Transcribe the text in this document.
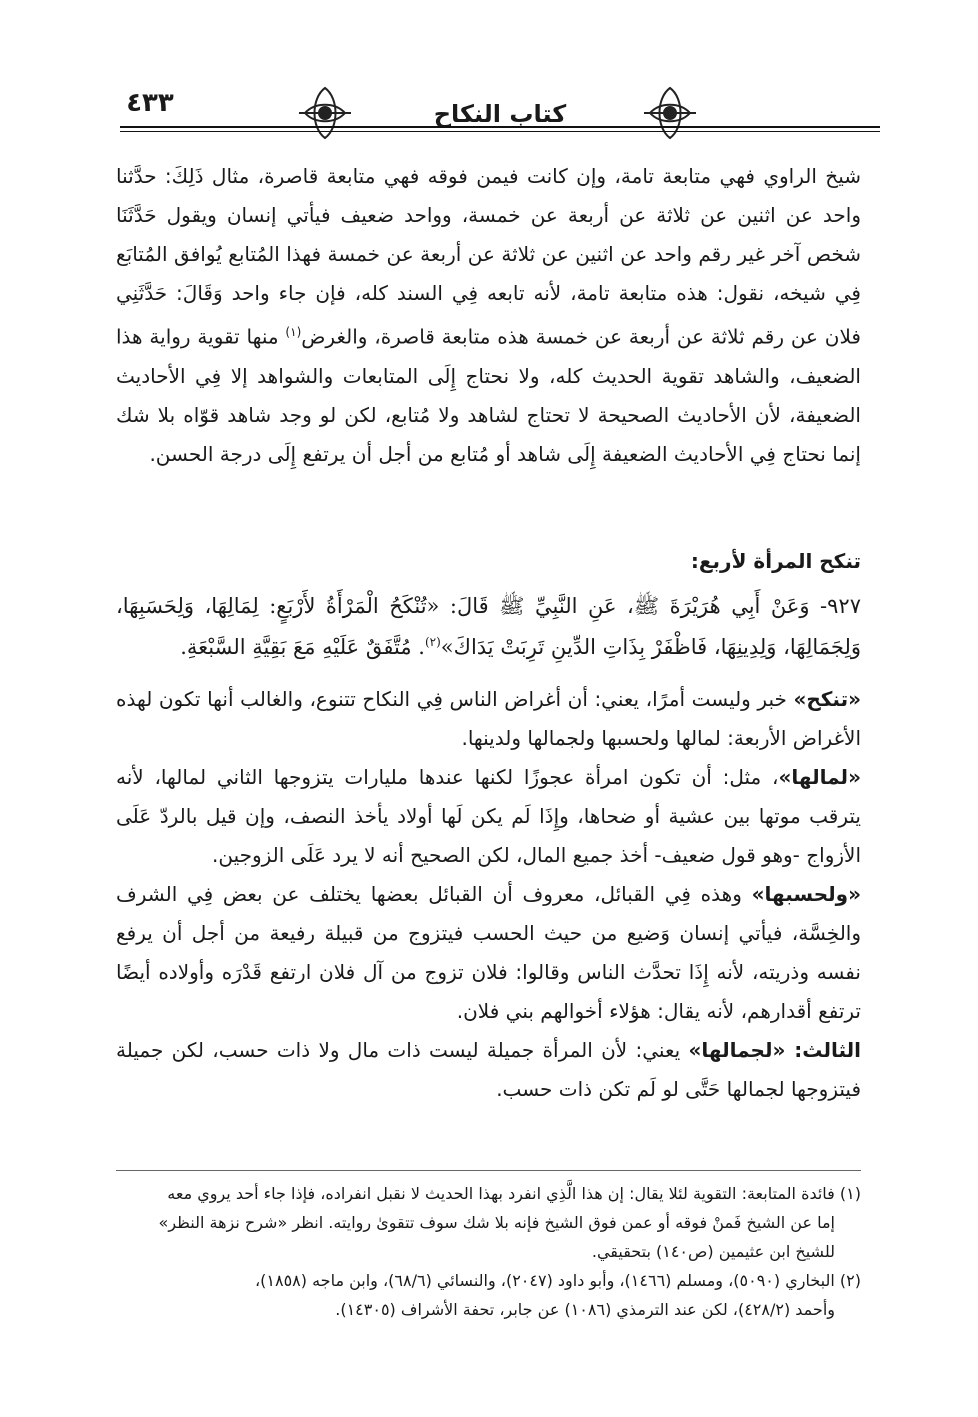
٤٣٣	كتاب النكاح

شيخ الراوي فهي متابعة تامة، وإن كانت فيمن فوقه فهي متابعة قاصرة، مثال ذَلِكَ: حدَّثنا واحد عن اثنين عن ثلاثة عن أربعة عن خمسة، وواحد ضعيف فيأتي إنسان ويقول حَدَّثَنَا شخص آخر غير رقم واحد عن اثنين عن ثلاثة عن أربعة عن خمسة فهذا المُتابع يُوافق المُتابَع فِي شيخه، نقول: هذه متابعة تامة، لأنه تابعه فِي السند كله، فإن جاء واحد وَقَالَ: حَدَّثَنِي فلان عن رقم ثلاثة عن أربعة عن خمسة هذه متابعة قاصرة، والغرض$^{(١)}$ منها تقوية رواية هذا الضعيف، والشاهد تقوية الحديث كله، ولا نحتاج إِلَى المتابعات والشواهد إلا فِي الأحاديث الضعيفة، لأن الأحاديث الصحيحة لا تحتاج لشاهد ولا مُتابع، لكن لو وجد شاهد قوّاه بلا شك إنما نحتاج فِي الأحاديث الضعيفة إِلَى شاهد أو مُتابع من أجل أن يرتفع إِلَى درجة الحسن.

تنكح المرأة لأربع:
٩٢٧- وَعَنْ أَبِي هُرَيْرَةَ ﷺ، عَنِ النَّبِيِّ ﷺ قَالَ: «تُنْكَحُ الْمَرْأَةُ لأَرْبَعٍ: لِمَالِهَا، وَلِحَسَبِهَا، وَلِجَمَالِهَا، وَلِدِينِهَا، فَاظْفَرْ بِذَاتِ الدِّينِ تَرِبَتْ يَدَاكَ»$^{(٢)}$. مُتَّفَقٌ عَلَيْهِ مَعَ بَقِيَّةِ السَّبْعَةِ.

«تنكح» خبر وليست أمرًا، يعني: أن أغراض الناس فِي النكاح تتنوع، والغالب أنها تكون لهذه الأغراض الأربعة: لمالها ولحسبها ولجمالها ولدينها.

«لمالها»، مثل: أن تكون امرأة عجوزًا لكنها عندها مليارات يتزوجها الثاني لمالها، لأنه يترقب موتها بين عشية أو ضحاها، وإِذَا لَم يكن لَها أولاد يأخذ النصف، وإن قيل بالردّ عَلَى الأزواج -وهو قول ضعيف- أخذ جميع المال، لكن الصحيح أنه لا يرد عَلَى الزوجين.

«ولحسبها» وهذه فِي القبائل، معروف أن القبائل بعضها يختلف عن بعض فِي الشرف والخِسَّة، فيأتي إنسان وَضيع من حيث الحسب فيتزوج من قبيلة رفيعة من أجل أن يرفع نفسه وذريته، لأنه إِذَا تحدَّث الناس وقالوا: فلان تزوج من آل فلان ارتفع قَدْرَه وأولاده أيضًا ترتفع أقدارهم، لأنه يقال: هؤلاء أخوالهم بني فلان.

الثالث: «لجمالها» يعني: لأن المرأة جميلة ليست ذات مال ولا ذات حسب، لكن جميلة فيتزوجها لجمالها حَتَّى لو لَم تكن ذات حسب.

(١) فائدة المتابعة: التقوية لئلا يقال: إن هذا الَّذِي انفرد بهذا الحديث لا نقبل انفراده، فإذا جاء أحد يروي معه

إما عن الشيخ فَمنْ فوقه أو عمن فوق الشيخ فإنه بلا شك سوف تتقوىٰ روايته. انظر «شرح نزهة النظر»

للشيخ ابن عثيمين (ص١٤٠) بتحقيقي.

(٢) البخاري (٥٠٩٠)، ومسلم (١٤٦٦)، وأبو داود (٢٠٤٧)، والنسائي (٦٨/٦)، وابن ماجه (١٨٥٨)،

وأحمد (٤٢٨/٢)، لكن عند الترمذي (١٠٨٦) عن جابر، تحفة الأشراف (١٤٣٠٥).
